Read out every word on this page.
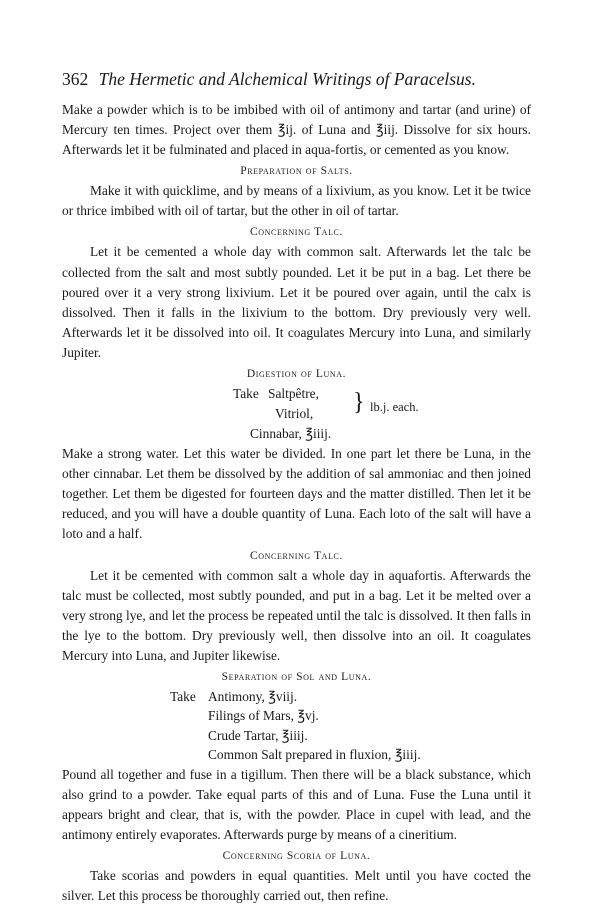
362 The Hermetic and Alchemical Writings of Paracelsus.

Make a powder which is to be imbibed with oil of antimony and tartar (and urine) of Mercury ten times. Project over them ℥ij. of Luna and ℥iij. Dissolve for six hours. Afterwards let it be fulminated and placed in aqua-fortis, or cemented as you know.

Preparation of Salts.

Make it with quicklime, and by means of a lixivium, as you know. Let it be twice or thrice imbibed with oil of tartar, but the other in oil of tartar.

Concerning Talc.

Let it be cemented a whole day with common salt. Afterwards let the talc be collected from the salt and most subtly pounded. Let it be put in a bag. Let there be poured over it a very strong lixivium. Let it be poured over again, until the calx is dissolved. Then it falls in the lixivium to the bottom. Dry previously very well. Afterwards let it be dissolved into oil. It coagulates Mercury into Luna, and similarly Jupiter.

Digestion of Luna.
Take Saltpêtre,
Vitriol,
Cinnabar, ℥iiij.
} lb.j. each.

Make a strong water. Let this water be divided. In one part let there be Luna, in the other cinnabar. Let them be dissolved by the addition of sal ammoniac and then joined together. Let them be digested for fourteen days and the matter distilled. Then let it be reduced, and you will have a double quantity of Luna. Each loto of the salt will have a loto and a half.

Concerning Talc.

Let it be cemented with common salt a whole day in aquafortis. Afterwards the talc must be collected, most subtly pounded, and put in a bag. Let it be melted over a very strong lye, and let the process be repeated until the talc is dissolved. It then falls in the lye to the bottom. Dry previously well, then dissolve into an oil. It coagulates Mercury into Luna, and Jupiter likewise.

Separation of Sol and Luna.
Take Antimony, ℥viij.
Filings of Mars, ℥vj.
Crude Tartar, ℥iiij.
Common Salt prepared in fluxion, ℥iiij.

Pound all together and fuse in a tigillum. Then there will be a black substance, which also grind to a powder. Take equal parts of this and of Luna. Fuse the Luna until it appears bright and clear, that is, with the powder. Place in cupel with lead, and the antimony entirely evaporates. Afterwards purge by means of a cineritium.

Concerning Scoria of Luna.

Take scorias and powders in equal quantities. Melt until you have cocted the silver. Let this process be thoroughly carried out, then refine.
